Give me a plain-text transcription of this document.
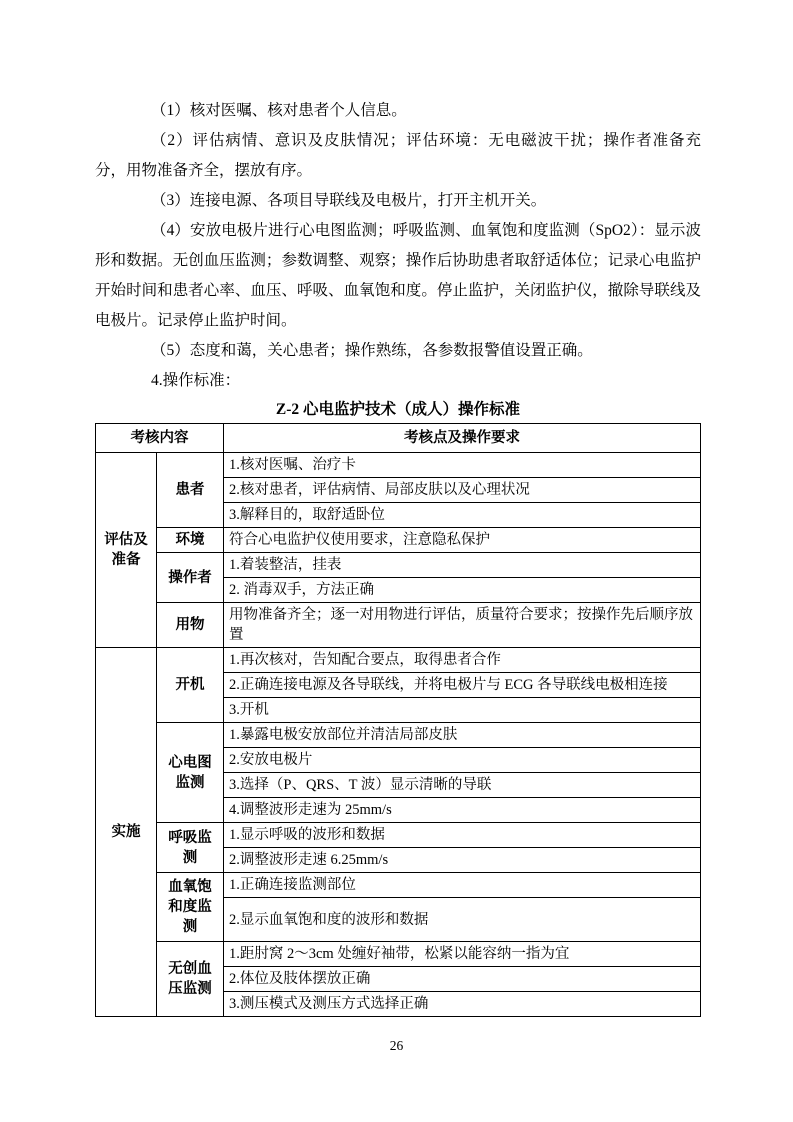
（1）核对医嘱、核对患者个人信息。

（2）评估病情、意识及皮肤情况；评估环境：无电磁波干扰；操作者准备充分，用物准备齐全，摆放有序。

（3）连接电源、各项目导联线及电极片，打开主机开关。

（4）安放电极片进行心电图监测；呼吸监测、血氧饱和度监测（SpO2）：显示波形和数据。无创血压监测；参数调整、观察；操作后协助患者取舒适体位；记录心电监护开始时间和患者心率、血压、呼吸、血氧饱和度。停止监护，关闭监护仪，撤除导联线及电极片。记录停止监护时间。

（5）态度和蔼，关心患者；操作熟练，各参数报警值设置正确。

4.操作标准：

Z-2 心电监护技术（成人）操作标准
考核内容		考核点及操作要求
评估及准备	患者	1.核对医嘱、治疗卡
		2.核对患者，评估病情、局部皮肤以及心理状况
		3.解释目的，取舒适卧位
	环境	符合心电监护仪使用要求，注意隐私保护
	操作者	1.着装整洁，挂表
		2. 消毒双手，方法正确
	用物	用物准备齐全；逐一对用物进行评估，质量符合要求；按操作先后顺序放置
实施	开机	1.再次核对，告知配合要点，取得患者合作
		2.正确连接电源及各导联线，并将电极片与 ECG 各导联线电极相连接
		3.开机
	心电图监测	1.暴露电极安放部位并清洁局部皮肤
		2.安放电极片
		3.选择（P、QRS、T 波）显示清晰的导联
		4.调整波形走速为 25mm/s
	呼吸监测	1.显示呼吸的波形和数据
		2.调整波形走速 6.25mm/s
	血氧饱和度监测	1.正确连接监测部位
		2.显示血氧饱和度的波形和数据
	无创血压监测	1.距肘窝 2～3cm 处缠好袖带，松紧以能容纳一指为宜
		2.体位及肢体摆放正确
		3.测压模式及测压方式选择正确
26
